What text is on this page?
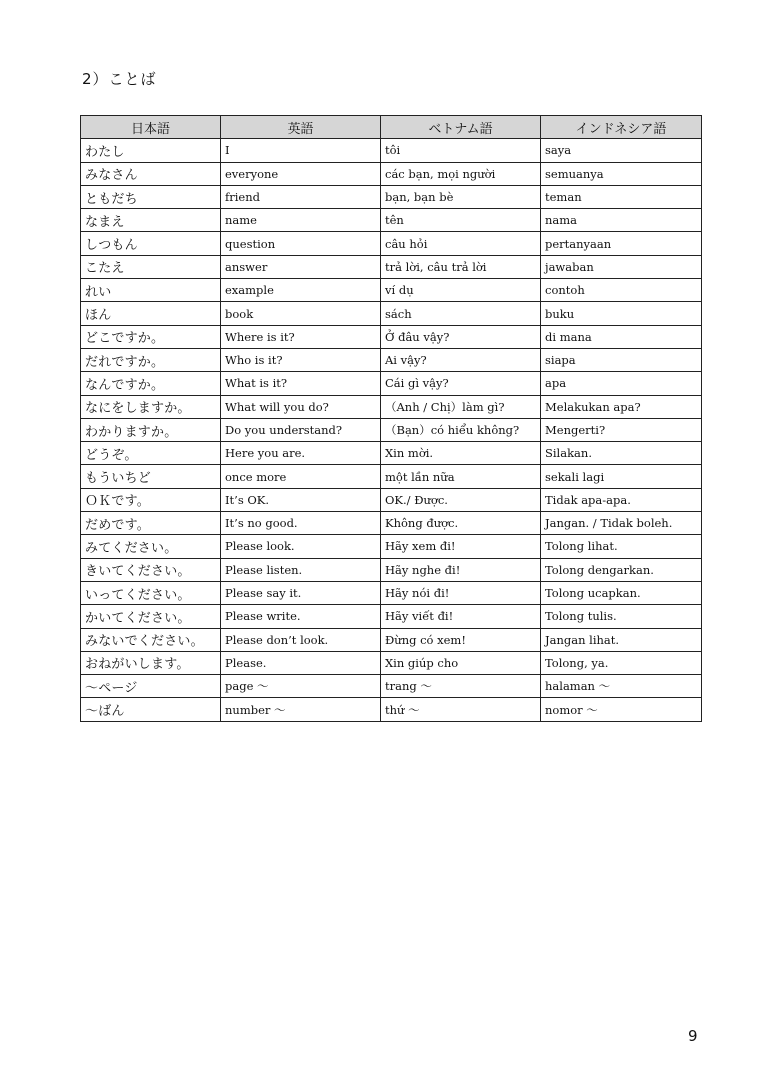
2）ことば
日本語	英語	ベトナム語	インドネシア語
わたし	I	tôi	saya
みなさん	everyone	các bạn, mọi người	semuanya
ともだち	friend	bạn, bạn bè	teman
なまえ	name	tên	nama
しつもん	question	câu hỏi	pertanyaan
こたえ	answer	trả lời, câu trả lời	jawaban
れい	example	ví dụ	contoh
ほん	book	sách	buku
どこですか。	Where is it?	Ở đâu vậy?	di mana
だれですか。	Who is it?	Ai vậy?	siapa
なんですか。	What is it?	Cái gì vậy?	apa
なにをしますか。	What will you do?	（Anh / Chị）làm gì?	Melakukan apa?
わかりますか。	Do you understand?	（Bạn）có hiểu không?	Mengerti?
どうぞ。	Here you are.	Xin mời.	Silakan.
もういちど	once more	một lần nữa	sekali lagi
ＯＫです。	It’s OK.	OK./ Được.	Tidak apa-apa.
だめです。	It’s no good.	Không được.	Jangan. / Tidak boleh.
みてください。	Please look.	Hãy xem đi!	Tolong lihat.
きいてください。	Please listen.	Hãy nghe đi!	Tolong dengarkan.
いってください。	Please say it.	Hãy nói đi!	Tolong ucapkan.
かいてください。	Please write.	Hãy viết đi!	Tolong tulis.
みないでください。	Please don’t look.	Đừng có xem!	Jangan lihat.
おねがいします。	Please.	Xin giúp cho	Tolong, ya.
〜ページ	page 〜	trang 〜	halaman 〜
〜ばん	number 〜	thứ 〜	nomor 〜
9
